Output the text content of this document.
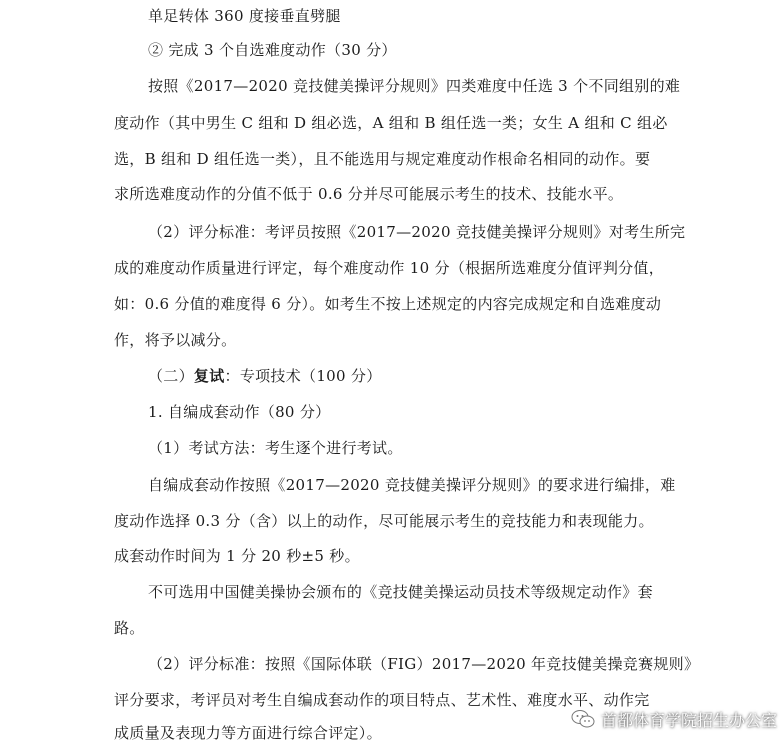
单足转体 360 度接垂直劈腿
② 完成 3 个自选难度动作（30 分）
按照《2017—2020 竞技健美操评分规则》四类难度中任选 3 个不同组别的难
度动作（其中男生 C 组和 D 组必选，A 组和 B 组任选一类；女生 A 组和 C 组必
选，B 组和 D 组任选一类），且不能选用与规定难度动作根命名相同的动作。要
求所选难度动作的分值不低于 0.6 分并尽可能展示考生的技术、技能水平。
（2）评分标准：考评员按照《2017—2020 竞技健美操评分规则》对考生所完
成的难度动作质量进行评定，每个难度动作 10 分（根据所选难度分值评判分值，
如：0.6 分值的难度得 6 分）。如考生不按上述规定的内容完成规定和自选难度动
作，将予以减分。
（二）复试：专项技术（100 分）
1. 自编成套动作（80 分）
（1）考试方法：考生逐个进行考试。
自编成套动作按照《2017—2020 竞技健美操评分规则》的要求进行编排，难
度动作选择 0.3 分（含）以上的动作，尽可能展示考生的竞技能力和表现能力。
成套动作时间为 1 分 20 秒±5 秒。
不可选用中国健美操协会颁布的《竞技健美操运动员技术等级规定动作》套
路。
（2）评分标准：按照《国际体联（FIG）2017—2020 年竞技健美操竞赛规则》
评分要求，考评员对考生自编成套动作的项目特点、艺术性、难度水平、动作完
成质量及表现力等方面进行综合评定）。
首都体育学院招生办公室
